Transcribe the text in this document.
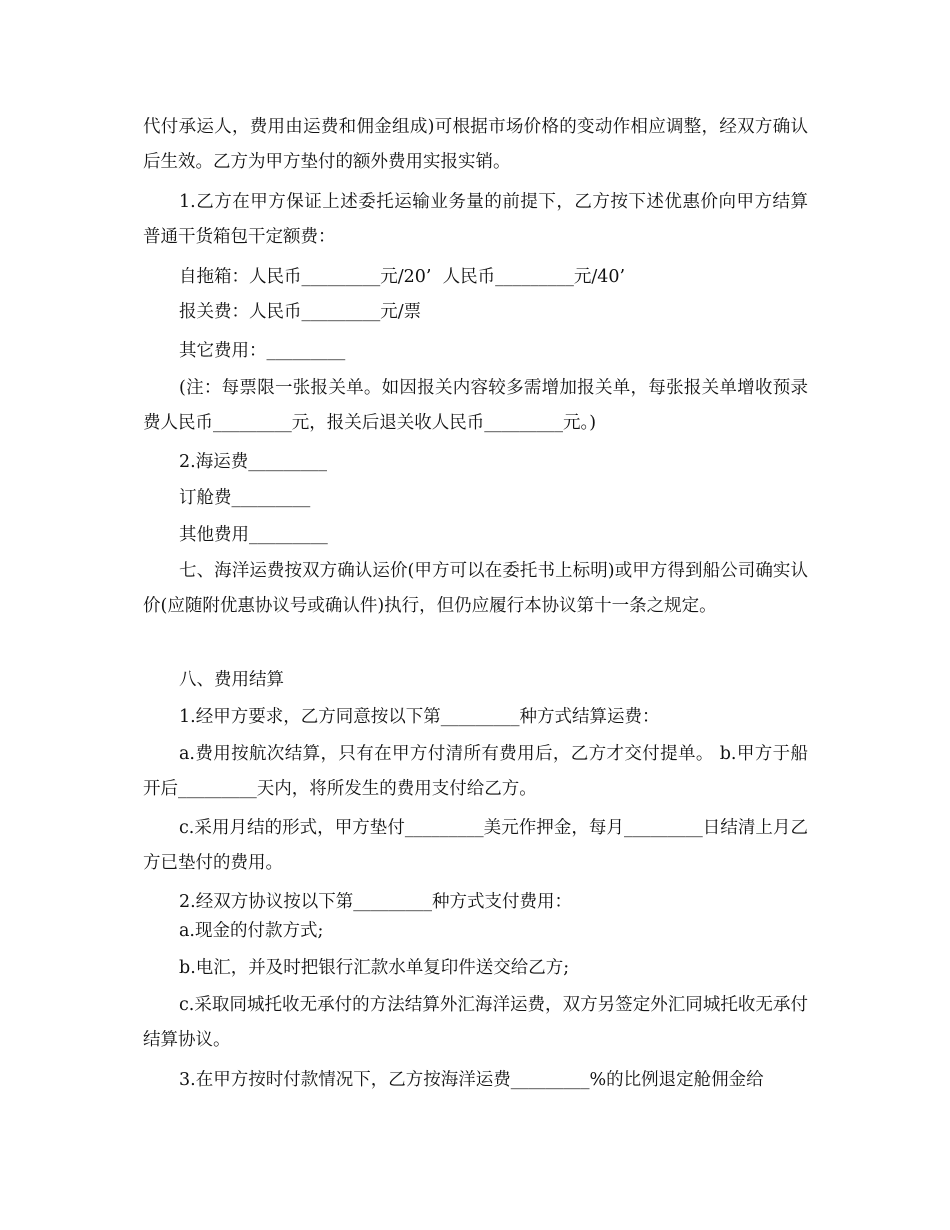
代付承运人，费用由运费和佣金组成)可根据市场价格的变动作相应调整，经双方确认后生效。乙方为甲方垫付的额外费用实报实销。

1.乙方在甲方保证上述委托运输业务量的前提下，乙方按下述优惠价向甲方结算普通干货箱包干定额费：

自拖箱：人民币_________元/20’  人民币_________元/40’

报关费：人民币_________元/票

其它费用：_________

(注：每票限一张报关单。如因报关内容较多需增加报关单，每张报关单增收预录费人民币_________元，报关后退关收人民币_________元。)

2.海运费_________

订舱费_________

其他费用_________

七、海洋运费按双方确认运价(甲方可以在委托书上标明)或甲方得到船公司确实认价(应随附优惠协议号或确认件)执行，但仍应履行本协议第十一条之规定。

八、费用结算

1.经甲方要求，乙方同意按以下第_________种方式结算运费：

a.费用按航次结算，只有在甲方付清所有费用后，乙方才交付提单。 b.甲方于船开后_________天内，将所发生的费用支付给乙方。

c.采用月结的形式，甲方垫付_________美元作押金，每月_________日结清上月乙方已垫付的费用。

2.经双方协议按以下第_________种方式支付费用：

a.现金的付款方式;

b.电汇，并及时把银行汇款水单复印件送交给乙方;

c.采取同城托收无承付的方法结算外汇海洋运费，双方另签定外汇同城托收无承付结算协议。

3.在甲方按时付款情况下，乙方按海洋运费_________%的比例退定舱佣金给
